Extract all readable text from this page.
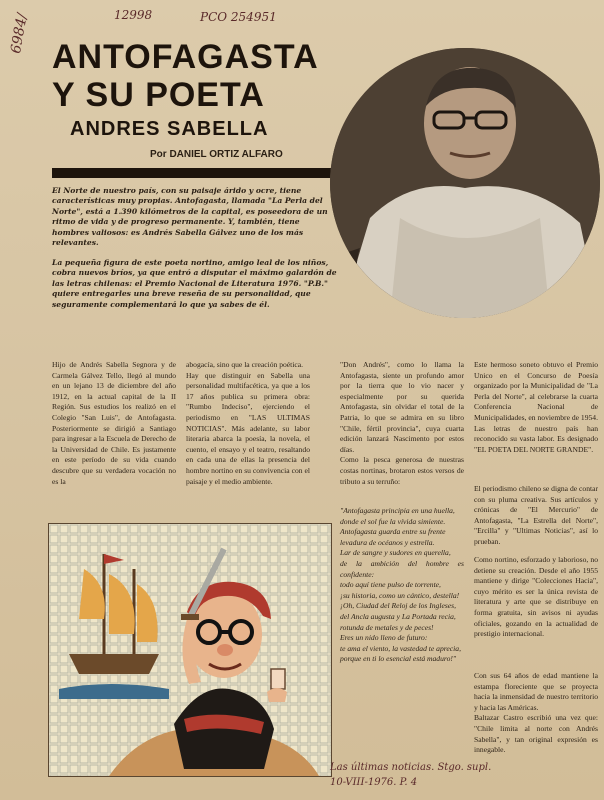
6984/	12998	PCO 254951
ANTOFAGASTA
Y SU POETA
ANDRES SABELLA
Por DANIEL ORTIZ ALFARO

El Norte de nuestro país, con su paisaje árido y ocre, tiene características muy propias. Antofagasta, llamada "La Perla del Norte", está a 1.390 kilómetros de la capital, es poseedora de un ritmo de vida y de progreso permanente. Y, también, tiene hombres valiosos: es Andrés Sabella Gálvez uno de los más relevantes.

La pequeña figura de este poeta nortino, amigo leal de los niños, cobra nuevos bríos, ya que entró a disputar el máximo galardón de las letras chilenas: el Premio Nacional de Literatura 1976. "P.B." quiere entregarles una breve reseña de su personalidad, que seguramente complementará lo que ya sabes de él.

Hijo de Andrés Sabella Segnora y de Carmela Gálvez Tello, llegó al mundo en un lejano 13 de diciembre del año 1912, en la actual capital de la II Región. Sus estudios los realizó en el Colegio "San Luis", de Antofagasta. Posteriormente se dirigió a Santiago para ingresar a la Escuela de Derecho de la Universidad de Chile. Es justamente en este período de su vida cuando descubre que su verdadera vocación no es la

abogacía, sino que la creación poética.
Hay que distinguir en Sabella una personalidad multifacética, ya que a los 17 años publica su primera obra: "Rumbo Indeciso", ejerciendo el periodismo en "LAS ULTIMAS NOTICIAS". Más adelante, su labor literaria abarca la poesía, la novela, el cuento, el ensayo y el teatro, resaltando en cada una de ellas la presencia del hombre nortino en su convivencia con el paisaje y el medio ambiente.

"Don Andrés", como lo llama la Antofagasta, siente un profundo amor por la tierra que lo vio nacer y especialmente por su querida Antofagasta, sin olvidar el total de la Patria, lo que se admira en su libro "Chile, fértil provincia", cuya cuarta edición lanzará Nascimento por estos días.
Como la pesca generosa de nuestras costas nortinas, brotaron estos versos de tributo a su terruño:

"Antofagasta principia en una huella,
donde el sol fue la vívida simiente.
Antofagasta guarda entre su frente
levadura de océanos y estrella.
Lar de sangre y sudores en querella,
de la ambición del hombre es confidente:
todo aquí tiene pulso de torrente,
¡su historia, como un cántico, destella!
¡Oh, Ciudad del Reloj de los Ingleses,
del Ancla augusta y La Portada recia,
rotunda de metales y de peces!
Eres un nido lleno de futuro:
te ama el viento, la vastedad te aprecia,
porque en ti lo esencial está maduro!"

Este hermoso soneto obtuvo el Premio Unico en el Concurso de Poesía organizado por la Municipalidad de "La Perla del Norte", al celebrarse la cuarta Conferencia Nacional de Municipalidades, en noviembre de 1954.
Las letras de nuestro país han reconocido su vasta labor. Es designado "EL POETA DEL NORTE GRANDE".

El periodismo chileno se digna de contar con su pluma creativa. Sus artículos y crónicas de "El Mercurio" de Antofagasta, "La Estrella del Norte", "Ercilla" y "Ultimas Noticias", así lo prueban.

Como nortino, esforzado y laborioso, no detiene su creación. Desde el año 1955 mantiene y dirige "Colecciones Hacia", cuyo mérito es ser la única revista de literatura y arte que se distribuye en forma gratuita, sin avisos ni ayudas oficiales, gozando en la actualidad de prestigio internacional.

Con sus 64 años de edad mantiene la estampa floreciente que se proyecta hacia la inmensidad de nuestro territorio y hacia las Américas.
Baltazar Castro escribió una vez que: "Chile limita al norte con Andrés Sabella", y tan original expresión es innegable.

Las últimas noticias. Stgo. supl.
10-VIII-1976. P. 4
